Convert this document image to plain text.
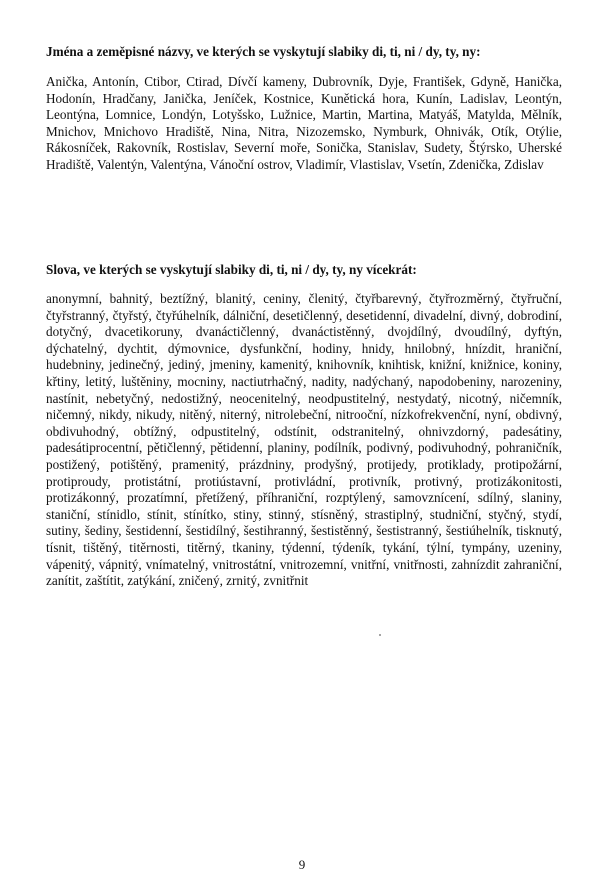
Jména a zeměpisné názvy, ve kterých se vyskytují slabiky di, ti, ni / dy, ty, ny:

Anička, Antonín, Ctibor, Ctirad, Dívčí kameny, Dubrovník, Dyje, František, Gdyně, Hanička, Hodonín, Hradčany, Janička, Jeníček, Kostnice, Kunětická hora, Kunín, Ladislav, Leontýn, Leontýna, Lomnice, Londýn, Lotyšsko, Lužnice, Martin, Martina, Matyáš, Matylda, Mělník, Mnichov, Mnichovo Hradiště, Nina, Nitra, Nizozemsko, Nymburk, Ohnivák, Otík, Otýlie, Rákosníček, Rakovník, Rostislav, Severní moře, Sonička, Stanislav, Sudety, Štýrsko, Uherské Hradiště, Valentýn, Valentýna, Vánoční ostrov, Vladimír, Vlastislav, Vsetín, Zdenička, Zdislav

Slova, ve kterých se vyskytují slabiky di, ti, ni / dy, ty, ny vícekrát:

anonymní, bahnitý, beztížný, blanitý, ceniny, členitý, čtyřbarevný, čtyřrozměrný, čtyřruční, čtyřstranný, čtyřstý, čtyřúhelník, dálniční, desetičlenný, desetidenní, divadelní, divný, dobrodiní, dotyčný, dvacetikoruny, dvanáctičlenný, dvanáctistěnný, dvojdílný, dvoudílný, dyftýn, dýchatelný, dychtit, dýmovnice, dysfunkční, hodiny, hnidy, hnilobný, hnízdit, hraniční, hudebniny, jedinečný, jediný, jmeniny, kamenitý, knihovník, knihtisk, knižní, knižnice, koniny, křtiny, letitý, luštěniny, mocniny, nactiutrhačný, nadity, nadýchaný, napodobeniny, narozeniny, nastínit, nebetyčný, nedostižný, neocenitelný, neodpustitelný, nestydatý, nicotný, ničemník, ničemný, nikdy, nikudy, nitěný, niterný, nitrolebeční, nitrooční, nízkofrekvenční, nyní, obdivný, obdivuhodný, obtížný, odpustitelný, odstínit, odstranitelný, ohnivzdorný, padesátiny, padesátiprocentní, pětičlenný, pětidenní, planiny, podílník, podivný, podivuhodný, pohraničník, postižený, potištěný, pramenitý, prázdniny, prodyšný, protijedy, protiklady, protipožární, protiproudy, protistátní, protiústavní, protivládní, protivník, protivný, protizákonitosti, protizákonný, prozatímní, přetížený, příhraniční, rozptýlený, samovznícení, sdílný, slaniny, staniční, stínidlo, stínit, stínítko, stiny, stinný, stísněný, strastiplný, studniční, styčný, stydí, sutiny, šediny, šestidenní, šestidílný, šestihranný, šestistěnný, šestistranný, šestiúhelník, tisknutý, tísnit, tištěný, titěrnosti, titěrný, tkaniny, týdenní, týdeník, tykání, týlní, tympány, uzeniny, vápenitý, vápnitý, vnímatelný, vnitrostátní, vnitrozemní, vnitřní, vnitřnosti, zahnízdit zahraniční, zanítit, zaštítit, zatýkání, zničený, zrnitý, zvnitřnit

9
